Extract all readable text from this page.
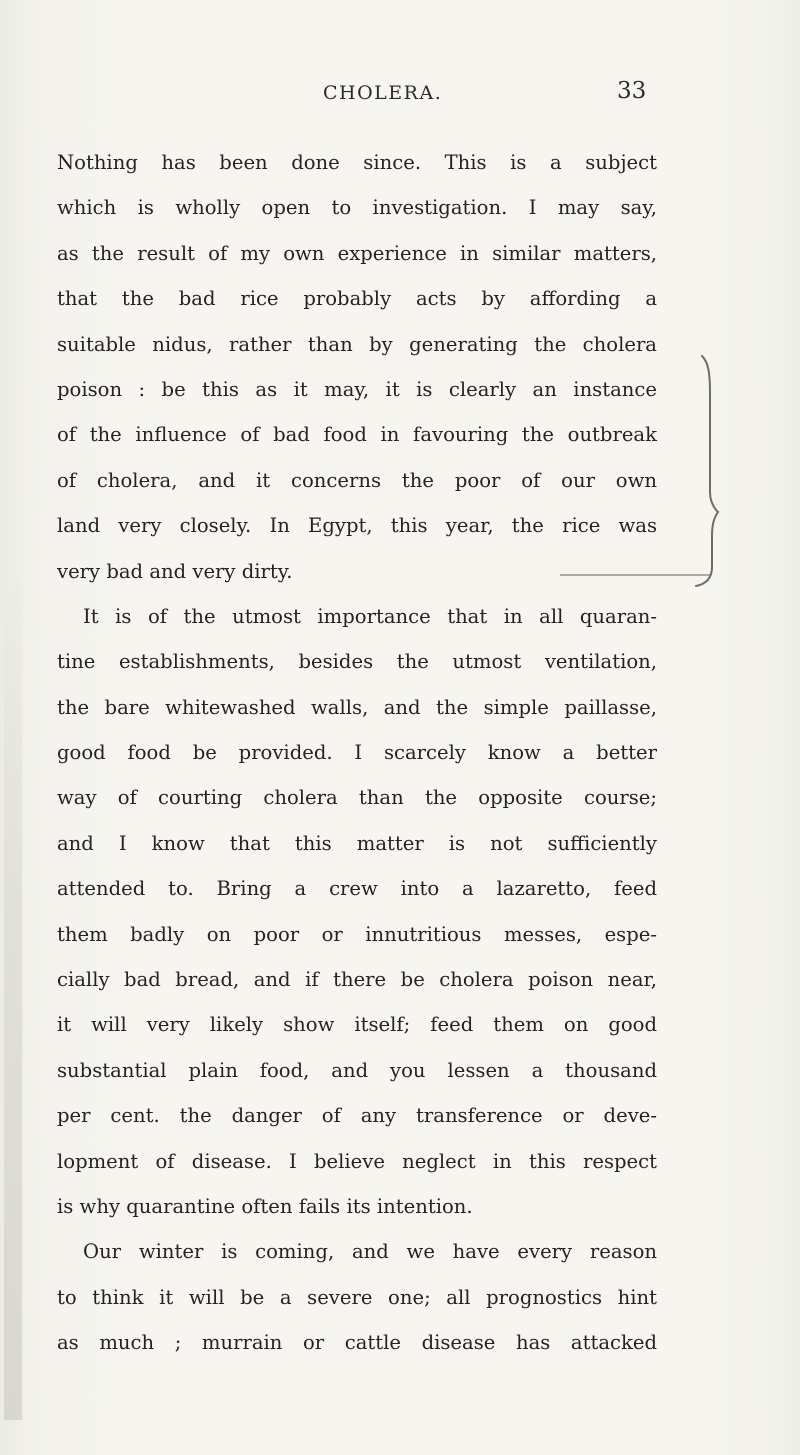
CHOLERA.	33
Nothing has been done since. This is a subject
which is wholly open to investigation. I may say,
as the result of my own experience in similar matters,
that the bad rice probably acts by affording a
suitable nidus, rather than by generating the cholera
poison : be this as it may, it is clearly an instance
of the influence of bad food in favouring the outbreak
of cholera, and it concerns the poor of our own
land very closely. In Egypt, this year, the rice was
very bad and very dirty.
It is of the utmost importance that in all quaran-
tine establishments, besides the utmost ventilation,
the bare whitewashed walls, and the simple paillasse,
good food be provided. I scarcely know a better
way of courting cholera than the opposite course;
and I know that this matter is not sufficiently
attended to. Bring a crew into a lazaretto, feed
them badly on poor or innutritious messes, espe-
cially bad bread, and if there be cholera poison near,
it will very likely show itself; feed them on good
substantial plain food, and you lessen a thousand
per cent. the danger of any transference or deve-
lopment of disease. I believe neglect in this respect
is why quarantine often fails its intention.
Our winter is coming, and we have every reason
to think it will be a severe one; all prognostics hint
as much ; murrain or cattle disease has attacked
